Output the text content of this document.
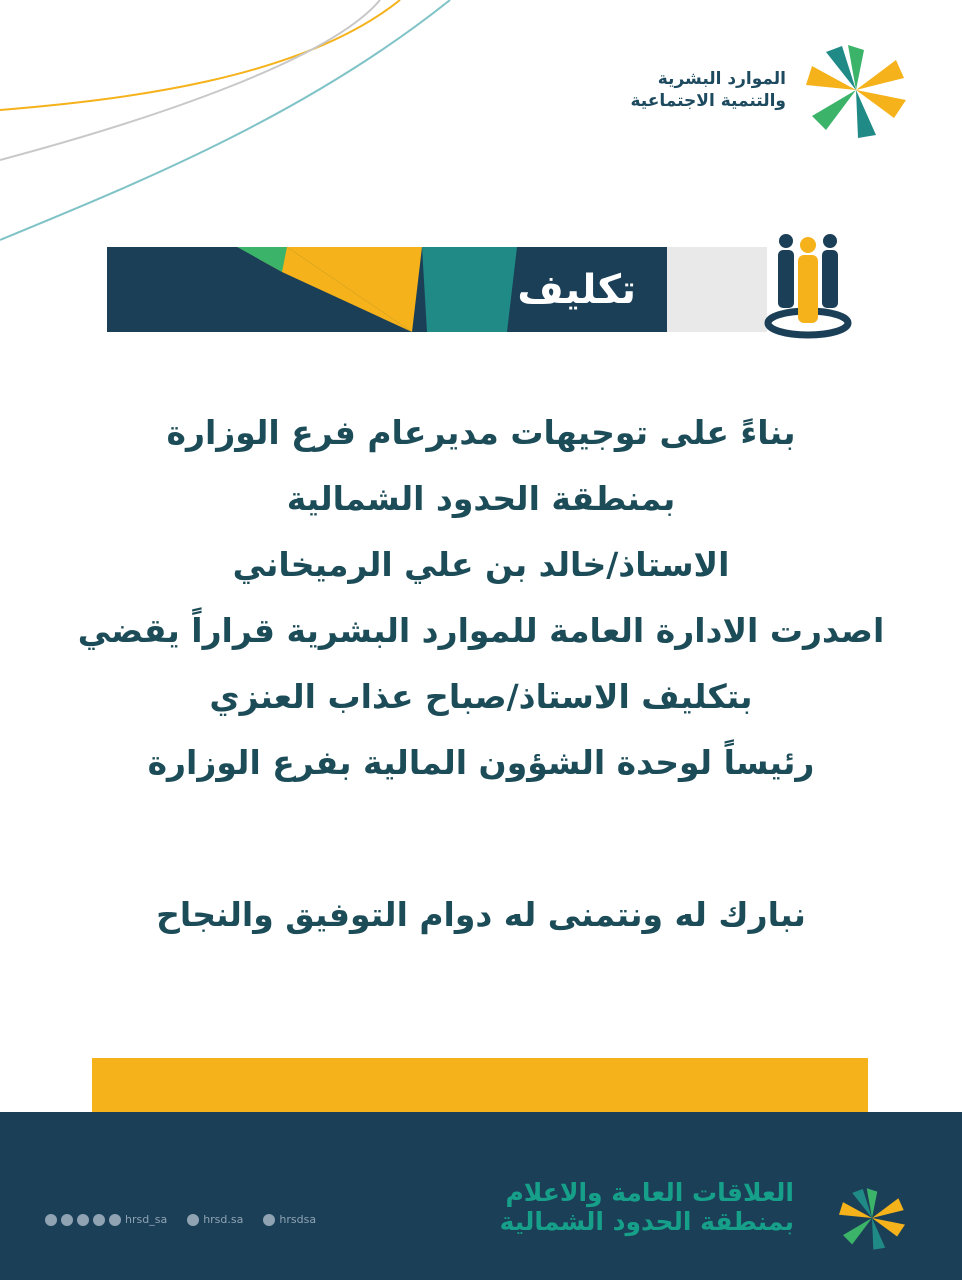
الموارد البشرية
والتنمية الاجتماعية
تكليف
بناءً على توجيهات مديرعام فرع الوزارة
بمنطقة الحدود الشمالية
الاستاذ/خالد بن علي الرميخاني
اصدرت الادارة العامة للموارد البشرية قراراً يقضي
بتكليف الاستاذ/صباح عذاب العنزي
رئيساً لوحدة الشؤون المالية بفرع الوزارة
نبارك له ونتمنى له دوام التوفيق والنجاح
العلاقات العامة والاعلام
بمنطقة الحدود الشمالية
hrsd_sa	hrsd.sa	hrsdsa
